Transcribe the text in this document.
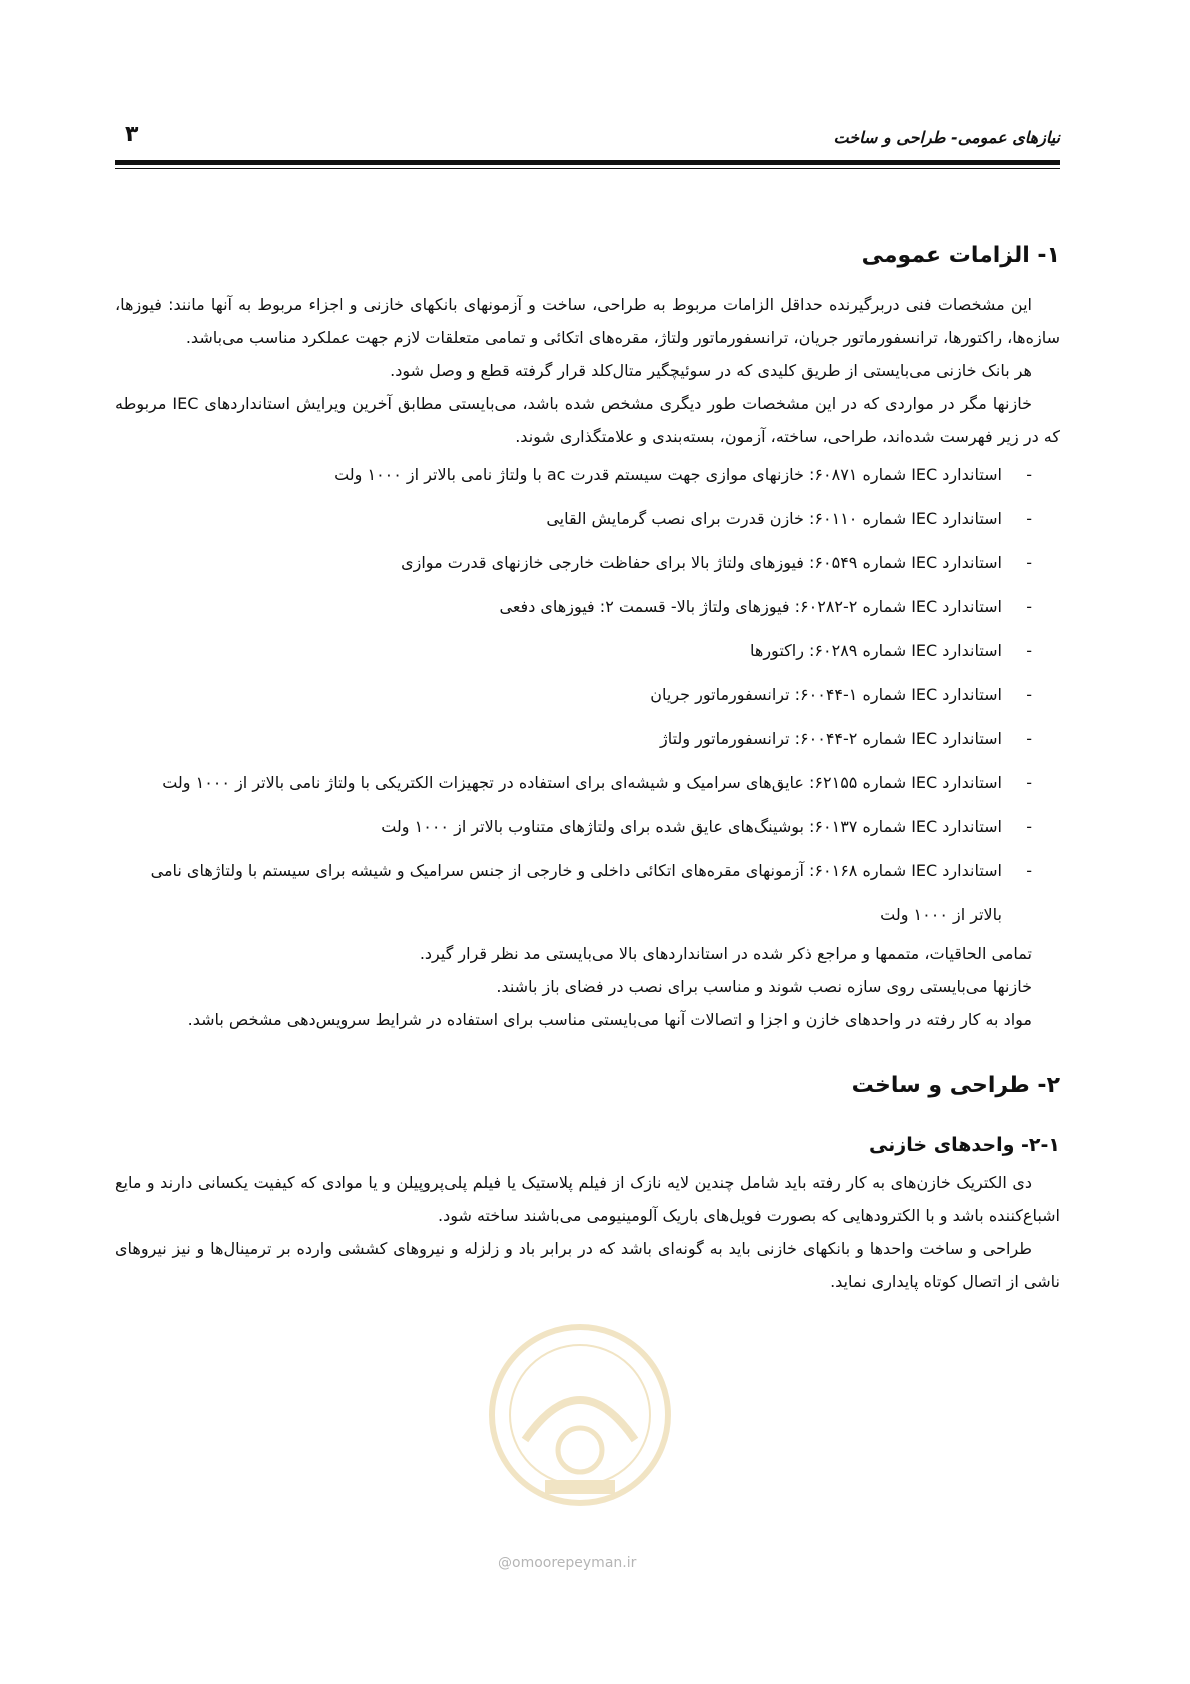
نیازهای عمومی- طراحی و ساخت
۳
۱- الزامات عمومی

این مشخصات فنی دربرگیرنده حداقل الزامات مربوط به طراحی، ساخت و آزمونهای بانکهای خازنی و اجزاء مربوط به آنها مانند: فیوزها، سازه‌ها، راکتورها، ترانسفورماتور جریان، ترانسفورماتور ولتاژ، مقره‌های اتکائی و تمامی متعلقات لازم جهت عملکرد مناسب می‌باشد.

هر بانک خازنی می‌بایستی از طریق کلیدی که در سوئیچگیر متال‌کلد قرار گرفته قطع و وصل شود.

خازنها مگر در مواردی که در این مشخصات طور دیگری مشخص شده باشد، می‌بایستی مطابق آخرین ویرایش استانداردهای IEC مربوطه که در زیر فهرست شده‌اند، طراحی، ساخته، آزمون، بسته‌بندی و علامتگذاری شوند.

-
استاندارد IEC شماره ۶۰۸۷۱: خازنهای موازی جهت سیستم قدرت ac با ولتاژ نامی بالاتر از ۱۰۰۰ ولت
-
استاندارد IEC شماره ۶۰۱۱۰: خازن قدرت برای نصب گرمایش القایی
-
استاندارد IEC شماره ۶۰۵۴۹: فیوزهای ولتاژ بالا برای حفاظت خارجی خازنهای قدرت موازی
-
استاندارد IEC شماره ۲-۶۰۲۸۲: فیوزهای ولتاژ بالا- قسمت ۲: فیوزهای دفعی
-
استاندارد IEC شماره ۶۰۲۸۹: راکتورها
-
استاندارد IEC شماره ۱-۶۰۰۴۴: ترانسفورماتور جریان
-
استاندارد IEC شماره ۲-۶۰۰۴۴: ترانسفورماتور ولتاژ
-
استاندارد IEC شماره ۶۲۱۵۵: عایق‌های سرامیک و شیشه‌ای برای استفاده در تجهیزات الکتریکی با ولتاژ نامی بالاتر از ۱۰۰۰ ولت
-
استاندارد IEC شماره ۶۰۱۳۷: بوشینگ‌های عایق شده برای ولتاژهای متناوب بالاتر از ۱۰۰۰ ولت
-
استاندارد IEC شماره ۶۰۱۶۸: آزمونهای مقره‌های اتکائی داخلی و خارجی از جنس سرامیک و شیشه برای سیستم با ولتاژهای نامی بالاتر از ۱۰۰۰ ولت

تمامی الحاقیات، متممها و مراجع ذکر شده در استانداردهای بالا می‌بایستی مد نظر قرار گیرد.

خازنها می‌بایستی روی سازه نصب شوند و مناسب برای نصب در فضای باز باشند.

مواد به کار رفته در واحدهای خازن و اجزا و اتصالات آنها می‌بایستی مناسب برای استفاده در شرایط سرویس‌دهی مشخص باشد.

۲- طراحی و ساخت
۲-۱- واحدهای خازنی

دی الکتریک خازن‌های به کار رفته باید شامل چندین لایه نازک از فیلم پلاستیک یا فیلم پلی‌پروپیلن و یا موادی که کیفیت یکسانی دارند و مایع اشباع‌کننده باشد و با الکترودهایی که بصورت فویل‌های باریک آلومینیومی می‌باشند ساخته شود.

طراحی و ساخت واحدها و بانکهای خازنی باید به گونه‌ای باشد که در برابر باد و زلزله و نیروهای کششی وارده بر ترمینال‌ها و نیز نیروهای ناشی از اتصال کوتاه پایداری نماید.

@omoorepeyman.ir
